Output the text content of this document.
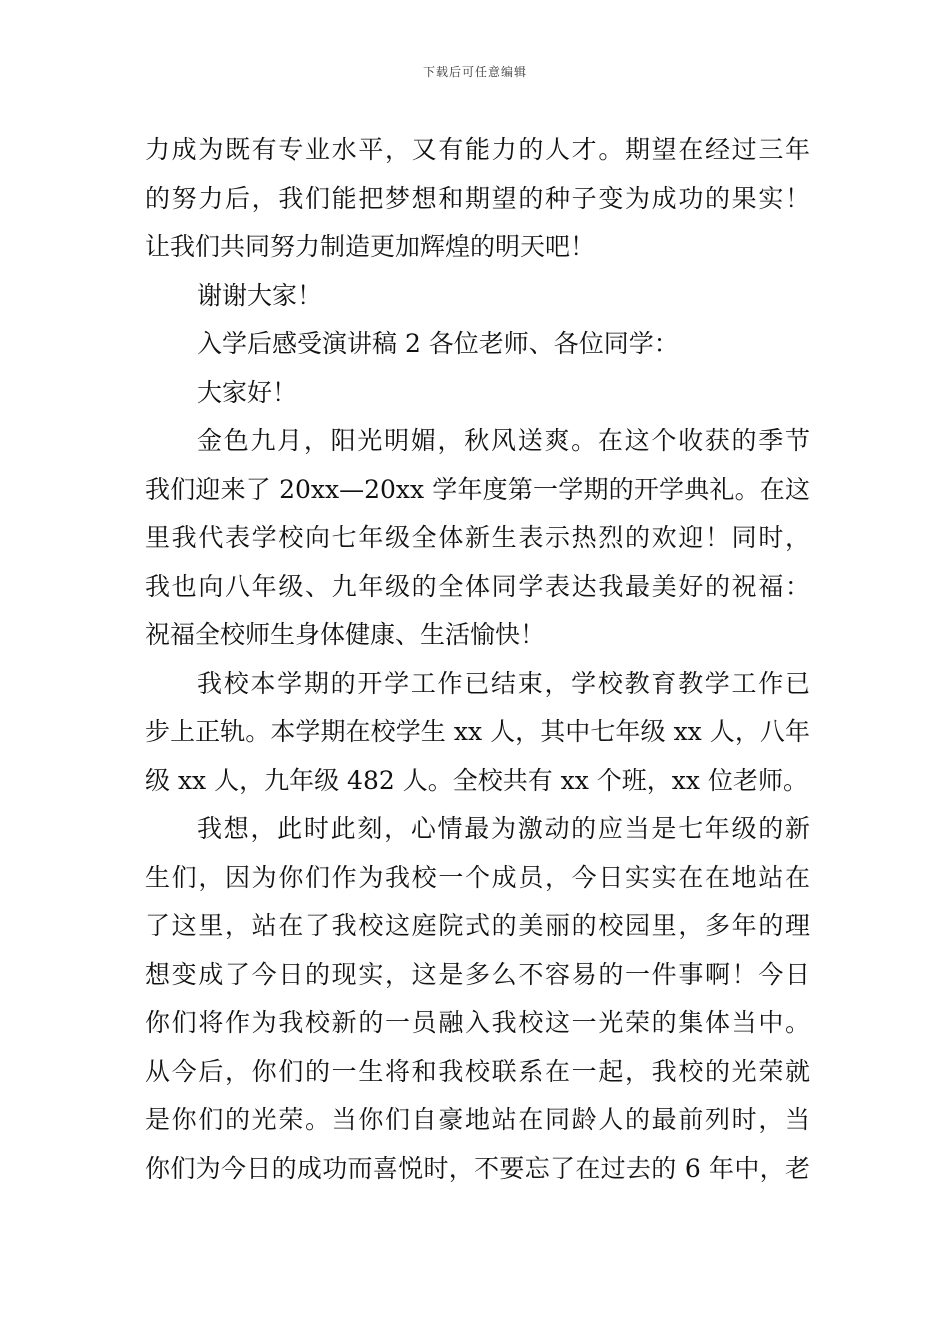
下载后可任意编辑
力成为既有专业水平，又有能力的人才。期望在经过三年
的努力后，我们能把梦想和期望的种子变为成功的果实！
让我们共同努力制造更加辉煌的明天吧！
谢谢大家！
入学后感受演讲稿 2 各位老师、各位同学：
大家好！
金色九月，阳光明媚，秋风送爽。在这个收获的季节
我们迎来了 20xx—20xx 学年度第一学期的开学典礼。在这
里我代表学校向七年级全体新生表示热烈的欢迎！同时，
我也向八年级、九年级的全体同学表达我最美好的祝福：
祝福全校师生身体健康、生活愉快！
我校本学期的开学工作已结束，学校教育教学工作已
步上正轨。本学期在校学生 xx 人，其中七年级 xx 人，八年
级 xx 人，九年级 482 人。全校共有 xx 个班，xx 位老师。
我想，此时此刻，心情最为激动的应当是七年级的新
生们，因为你们作为我校一个成员，今日实实在在地站在
了这里，站在了我校这庭院式的美丽的校园里，多年的理
想变成了今日的现实，这是多么不容易的一件事啊！今日
你们将作为我校新的一员融入我校这一光荣的集体当中。
从今后，你们的一生将和我校联系在一起，我校的光荣就
是你们的光荣。当你们自豪地站在同龄人的最前列时，当
你们为今日的成功而喜悦时，不要忘了在过去的 6 年中，老
